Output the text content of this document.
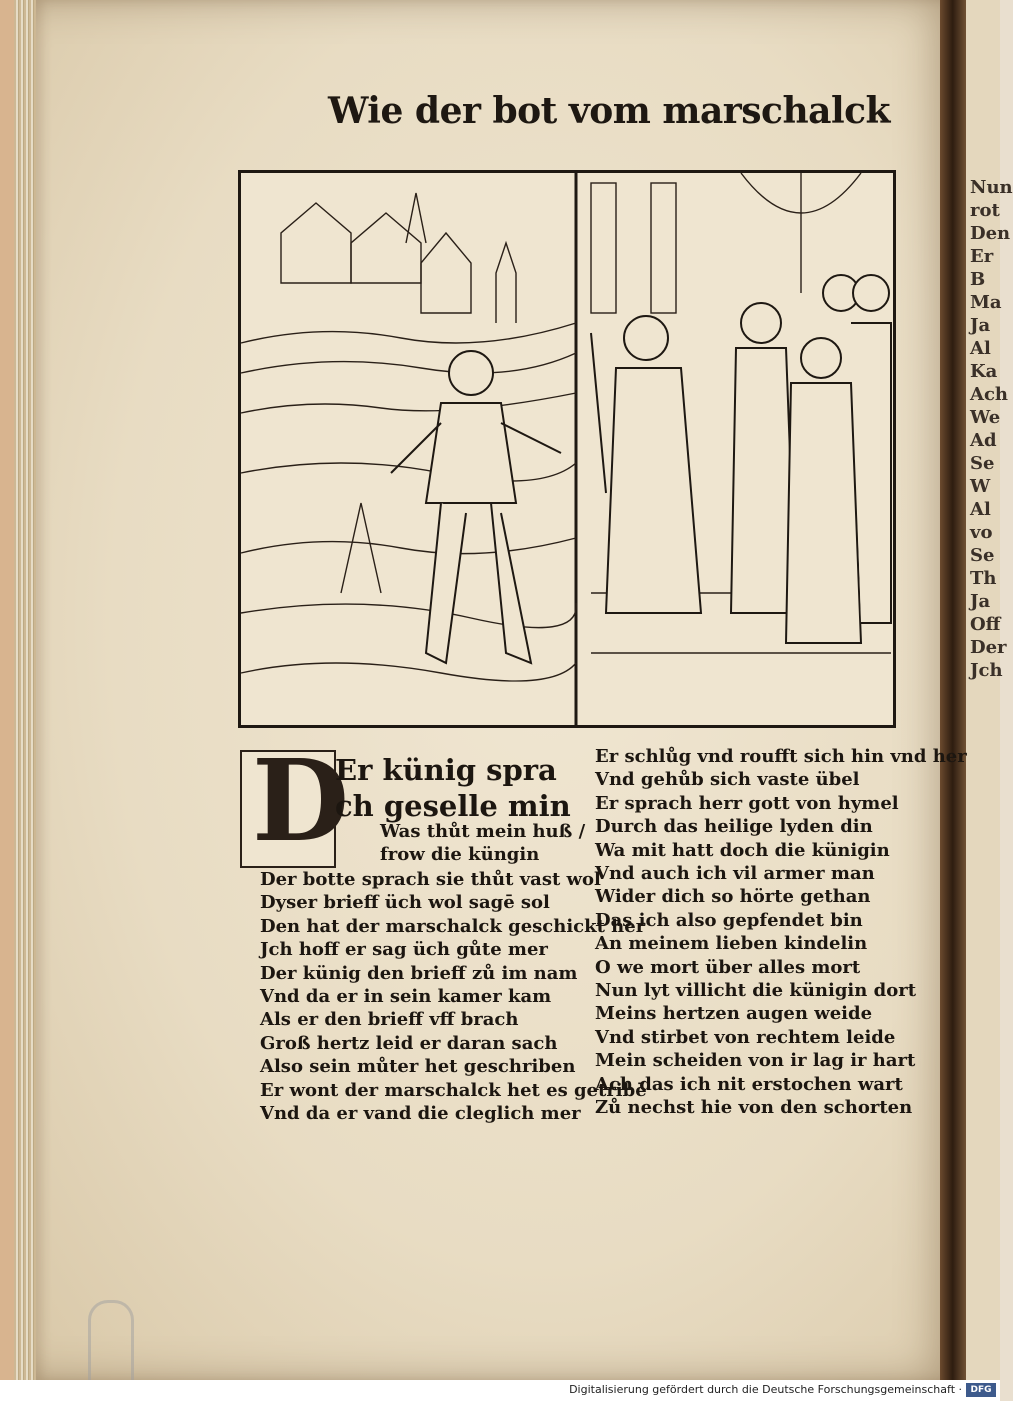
Nun
rot
Den
Er
B
Ma
Ja
Al
Ka
Ach
We
Ad
Se
W
Al
vo
Se
Th
Ja
Off
Der
Jch
Wie der bot vom marschalck
D
Er künig spra
ch geselle min
Was thůt mein huß /
frow die küngin
Der botte sprach sie thůt vast wol
Dyser brieff üch wol sagē sol
Den hat der marschalck geschickt her
Jch hoff er sag üch gůte mer
Der künig den brieff zů im nam
Vnd da er in sein kamer kam
Als er den brieff vff brach
Groß hertz leid er daran sach
Also sein můter het geschriben
Er wont der marschalck het es getribē
Vnd da er vand die cleglich mer
Er schlůg vnd roufft sich hin vnd her
Vnd gehůb sich vaste übel
Er sprach herr gott von hymel
Durch das heilige lyden din
Wa mit hatt doch die künigin
Vnd auch ich vil armer man
Wider dich so hörte gethan
Das ich also gepfendet bin
An meinem lieben kindelin
O we mort über alles mort
Nun lyt villicht die künigin dort
Meins hertzen augen weide
Vnd stirbet von rechtem leide
Mein scheiden von ir lag ir hart
Ach das ich nit erstochen wart
Zů nechst hie von den schorten
Digitalisierung gefördert durch die Deutsche Forschungsgemeinschaft · DFG
